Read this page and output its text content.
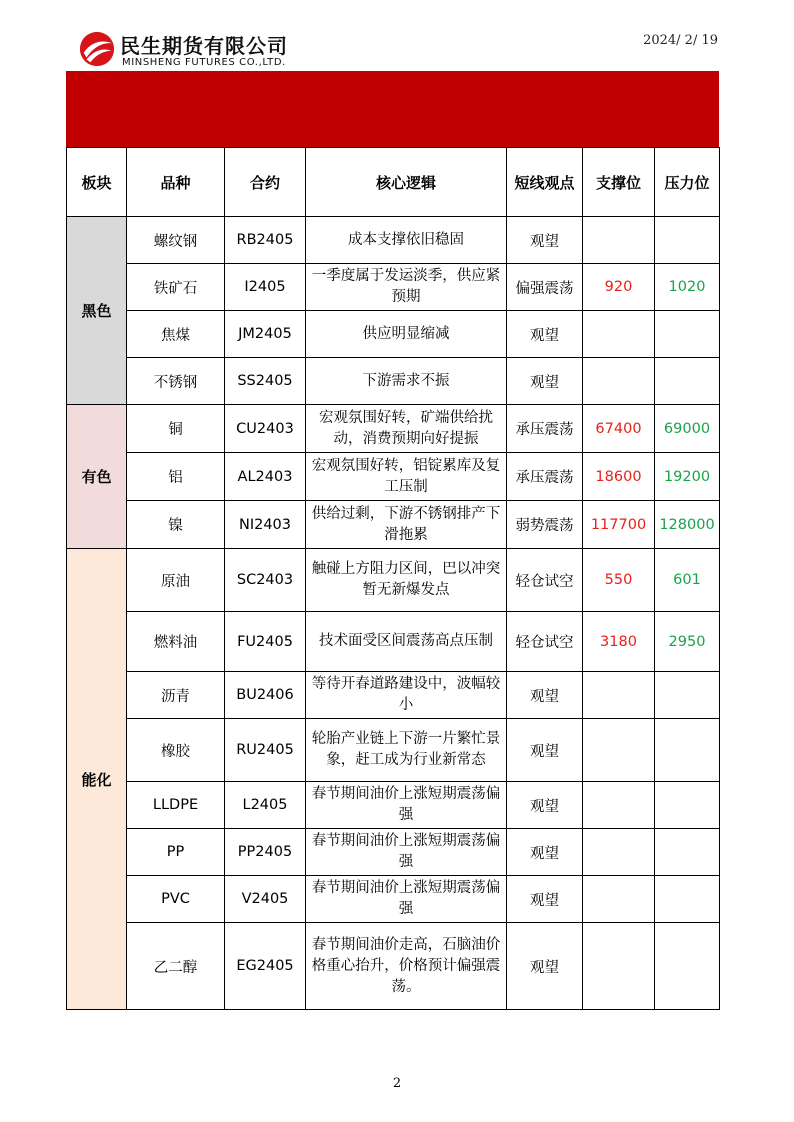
民生期货有限公司
MINSHENG FUTURES CO.,LTD.
2024/ 2/ 19
板块	品种	合约	核心逻辑	短线观点	支撑位	压力位
黑色	螺纹钢	RB2405	成本支撑依旧稳固	观望		
	铁矿石	I2405	一季度属于发运淡季，供应紧预期	偏强震荡	920	1020
	焦煤	JM2405	供应明显缩减	观望		
	不锈钢	SS2405	下游需求不振	观望		
有色	铜	CU2403	宏观氛围好转，矿端供给扰动，消费预期向好提振	承压震荡	67400	69000
	铝	AL2403	宏观氛围好转，铝锭累库及复工压制	承压震荡	18600	19200
	镍	NI2403	供给过剩，下游不锈钢排产下滑拖累	弱势震荡	117700	128000
能化	原油	SC2403	触碰上方阻力区间，巴以冲突暂无新爆发点	轻仓试空	550	601
	燃料油	FU2405	技术面受区间震荡高点压制	轻仓试空	3180	2950
	沥青	BU2406	等待开春道路建设中，波幅较小	观望		
	橡胶	RU2405	轮胎产业链上下游一片繁忙景象，赶工成为行业新常态	观望		
	LLDPE	L2405	春节期间油价上涨短期震荡偏强	观望		
	PP	PP2405	春节期间油价上涨短期震荡偏强	观望		
	PVC	V2405	春节期间油价上涨短期震荡偏强	观望		
	乙二醇	EG2405	春节期间油价走高，石脑油价格重心抬升，价格预计偏强震荡。	观望		
2
